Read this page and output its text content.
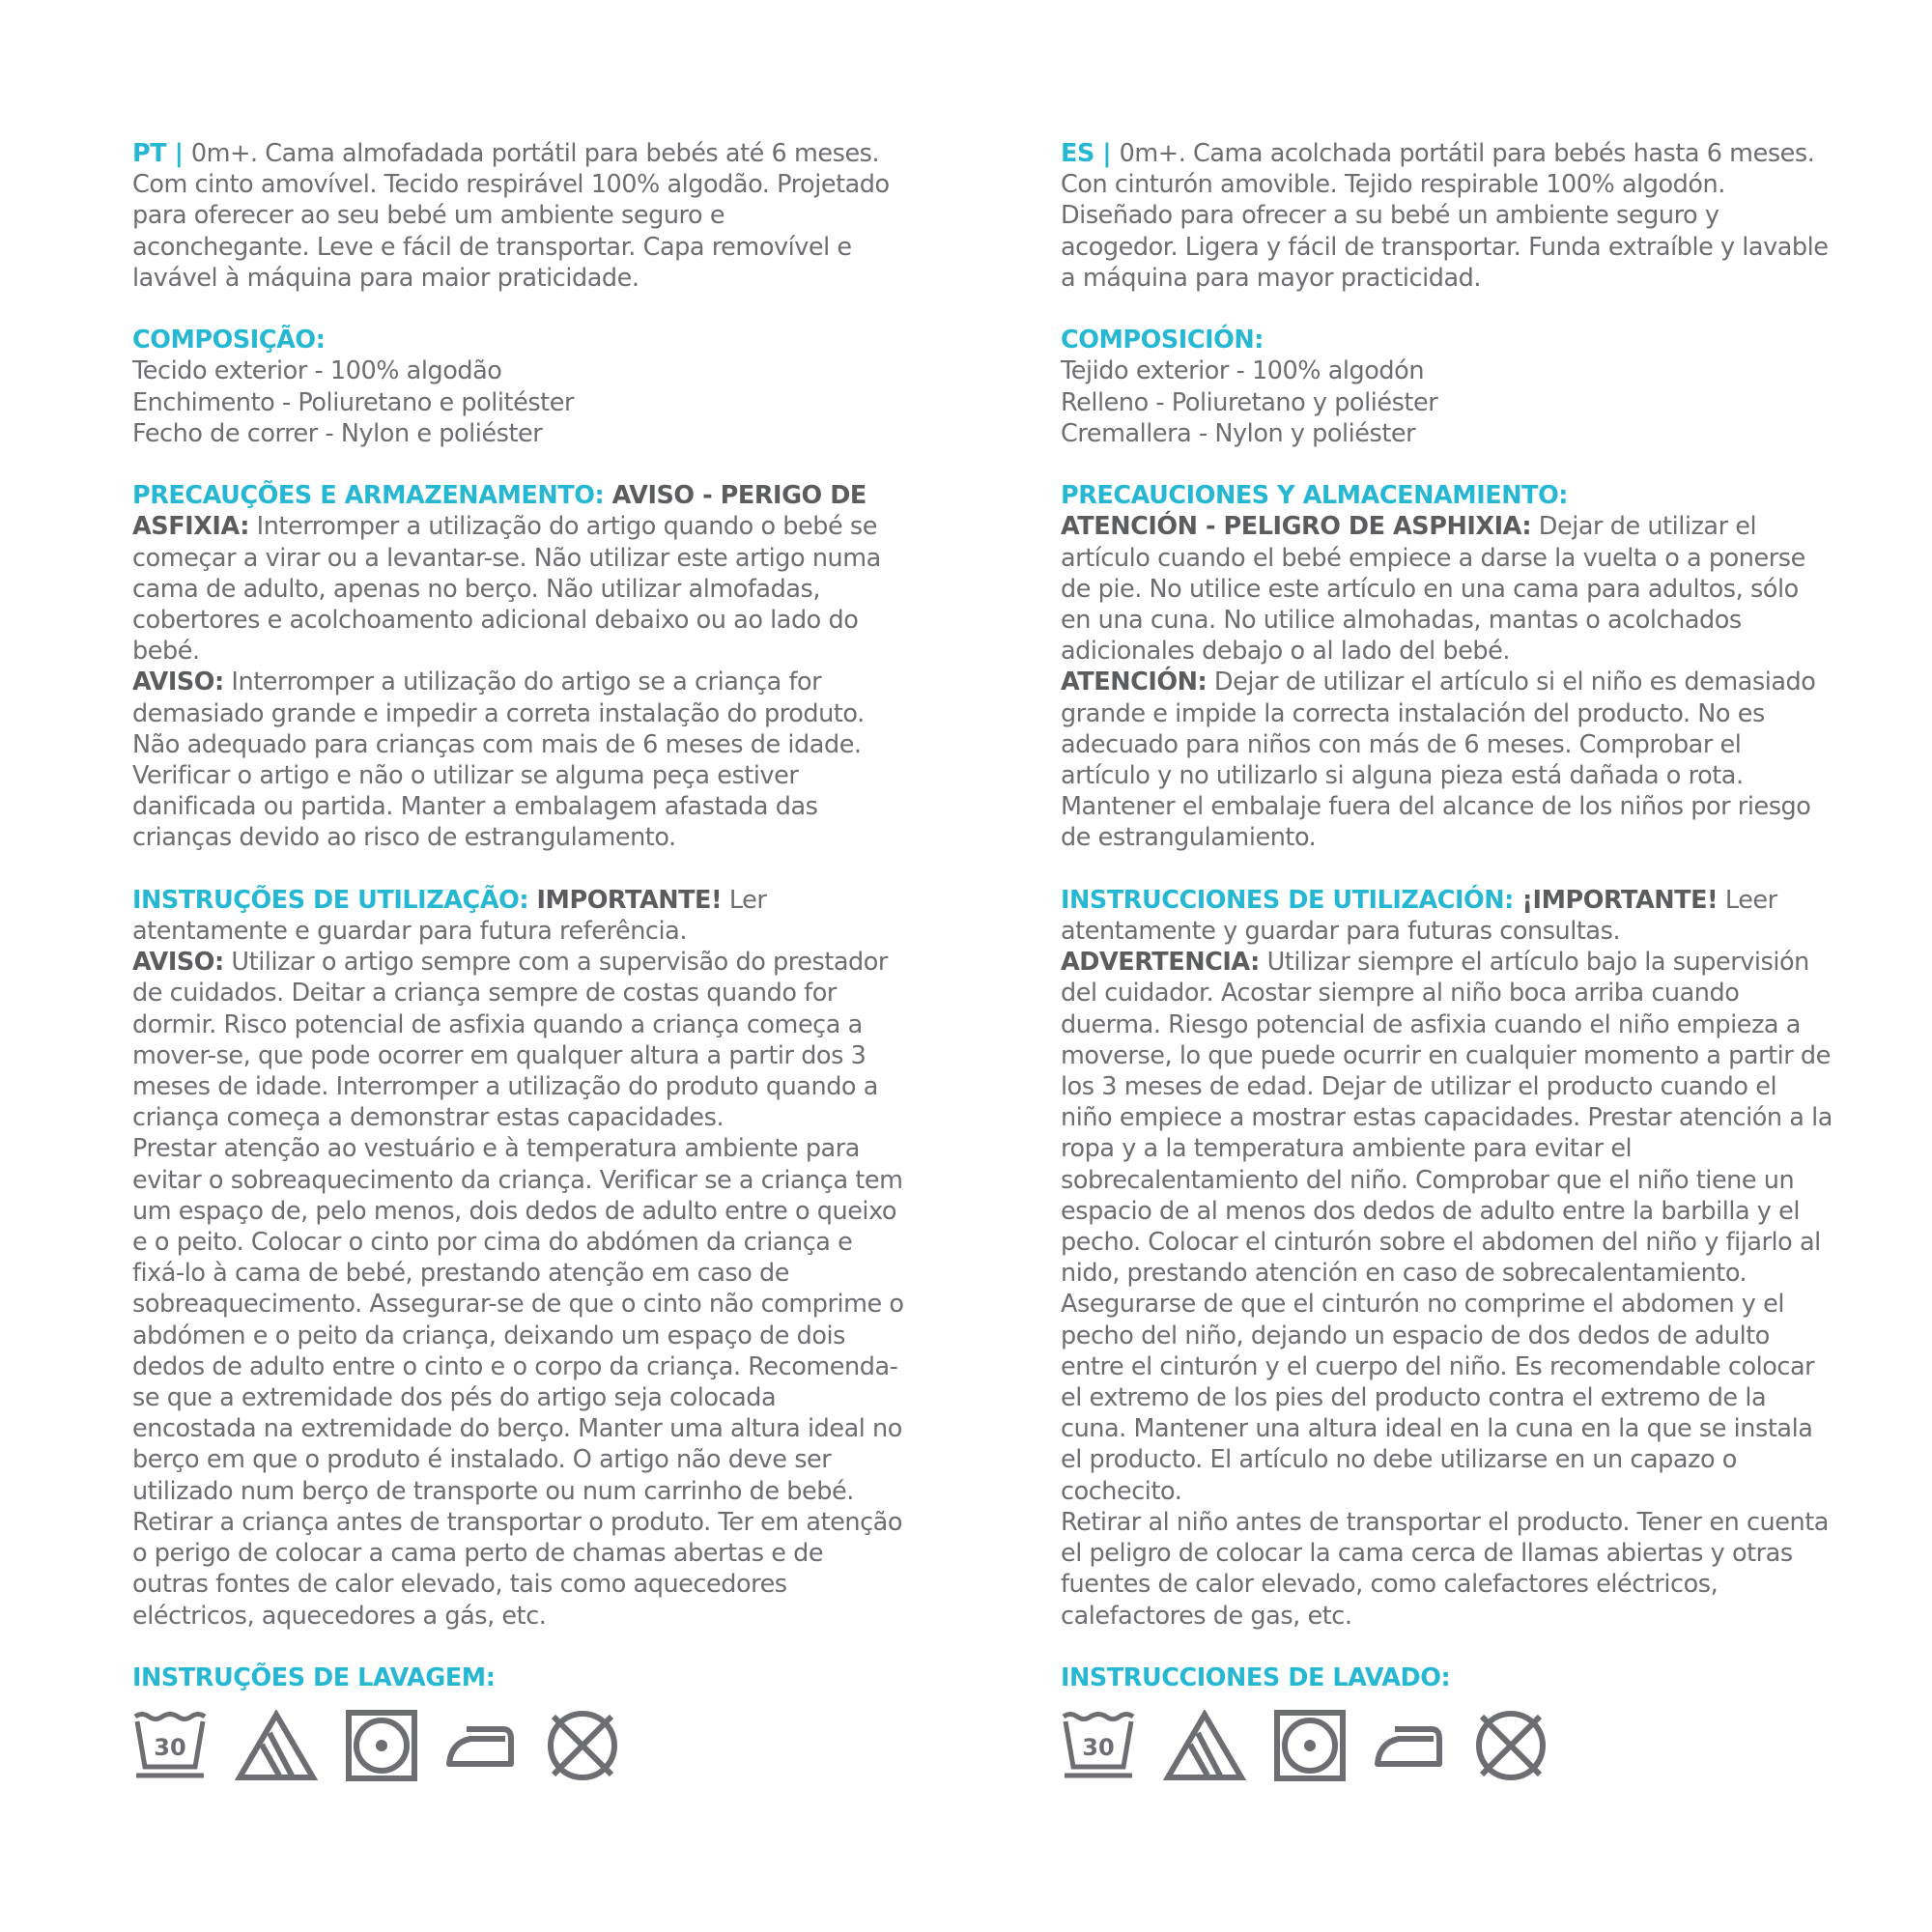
PT | 0m+. Cama almofadada portátil para bebés até 6 meses. Com cinto amovível. Tecido respirável 100% algodão. Projetado para oferecer ao seu bebé um ambiente seguro e aconchegante. Leve e fácil de transportar. Capa removível e lavável à máquina para maior praticidade.

COMPOSIÇÃO:

Tecido exterior - 100% algodão

Enchimento - Poliuretano e politéster

Fecho de correr - Nylon e poliéster

PRECAUÇÕES E ARMAZENAMENTO: AVISO - PERIGO DE ASFIXIA: Interromper a utilização do artigo quando o bebé se começar a virar ou a levantar-se. Não utilizar este artigo numa cama de adulto, apenas no berço. Não utilizar almofadas, cobertores e acolchoamento adicional debaixo ou ao lado do bebé.

AVISO: Interromper a utilização do artigo se a criança for demasiado grande e impedir a correta instalação do produto. Não adequado para crianças com mais de 6 meses de idade. Verificar o artigo e não o utilizar se alguma peça estiver danificada ou partida. Manter a embalagem afastada das crianças devido ao risco de estrangulamento.

INSTRUÇÕES DE UTILIZAÇÃO: IMPORTANTE! Ler atentamente e guardar para futura referência.

AVISO: Utilizar o artigo sempre com a supervisão do prestador de cuidados. Deitar a criança sempre de costas quando for dormir. Risco potencial de asfixia quando a criança começa a mover-se, que pode ocorrer em qualquer altura a partir dos 3 meses de idade. Interromper a utilização do produto quando a criança começa a demonstrar estas capacidades.

Prestar atenção ao vestuário e à temperatura ambiente para evitar o sobreaquecimento da criança. Verificar se a criança tem um espaço de, pelo menos, dois dedos de adulto entre o queixo e o peito. Colocar o cinto por cima do abdómen da criança e fixá-lo à cama de bebé, prestando atenção em caso de sobreaquecimento. Assegurar-se de que o cinto não comprime o abdómen e o peito da criança, deixando um espaço de dois dedos de adulto entre o cinto e o corpo da criança. Recomenda-se que a extremidade dos pés do artigo seja colocada encostada na extremidade do berço. Manter uma altura ideal no berço em que o produto é instalado. O artigo não deve ser utilizado num berço de transporte ou num carrinho de bebé. Retirar a criança antes de transportar o produto. Ter em atenção o perigo de colocar a cama perto de chamas abertas e de outras fontes de calor elevado, tais como aquecedores eléctricos, aquecedores a gás, etc.

INSTRUÇÕES DE LAVAGEM:

30

ES | 0m+. Cama acolchada portátil para bebés hasta 6 meses. Con cinturón amovible. Tejido respirable 100% algodón. Diseñado para ofrecer a su bebé un ambiente seguro y acogedor. Ligera y fácil de transportar. Funda extraíble y lavable a máquina para mayor practicidad.

COMPOSICIÓN:

Tejido exterior - 100% algodón

Relleno - Poliuretano y poliéster

Cremallera - Nylon y poliéster

PRECAUCIONES Y ALMACENAMIENTO:

ATENCIÓN - PELIGRO DE ASPHIXIA: Dejar de utilizar el artículo cuando el bebé empiece a darse la vuelta o a ponerse de pie. No utilice este artículo en una cama para adultos, sólo en una cuna. No utilice almohadas, mantas o acolchados adicionales debajo o al lado del bebé.

ATENCIÓN: Dejar de utilizar el artículo si el niño es demasiado grande e impide la correcta instalación del producto. No es adecuado para niños con más de 6 meses. Comprobar el artículo y no utilizarlo si alguna pieza está dañada o rota. Mantener el embalaje fuera del alcance de los niños por riesgo de estrangulamiento.

INSTRUCCIONES DE UTILIZACIÓN: ¡IMPORTANTE! Leer atentamente y guardar para futuras consultas.

ADVERTENCIA: Utilizar siempre el artículo bajo la supervisión del cuidador. Acostar siempre al niño boca arriba cuando duerma. Riesgo potencial de asfixia cuando el niño empieza a moverse, lo que puede ocurrir en cualquier momento a partir de los 3 meses de edad. Dejar de utilizar el producto cuando el niño empiece a mostrar estas capacidades. Prestar atención a la ropa y a la temperatura ambiente para evitar el sobrecalentamiento del niño. Comprobar que el niño tiene un espacio de al menos dos dedos de adulto entre la barbilla y el pecho. Colocar el cinturón sobre el abdomen del niño y fijarlo al nido, prestando atención en caso de sobrecalentamiento. Asegurarse de que el cinturón no comprime el abdomen y el pecho del niño, dejando un espacio de dos dedos de adulto entre el cinturón y el cuerpo del niño. Es recomendable colocar el extremo de los pies del producto contra el extremo de la cuna. Mantener una altura ideal en la cuna en la que se instala el producto. El artículo no debe utilizarse en un capazo o cochecito.

Retirar al niño antes de transportar el producto. Tener en cuenta el peligro de colocar la cama cerca de llamas abiertas y otras fuentes de calor elevado, como calefactores eléctricos, calefactores de gas, etc.

INSTRUCCIONES DE LAVADO:

30
